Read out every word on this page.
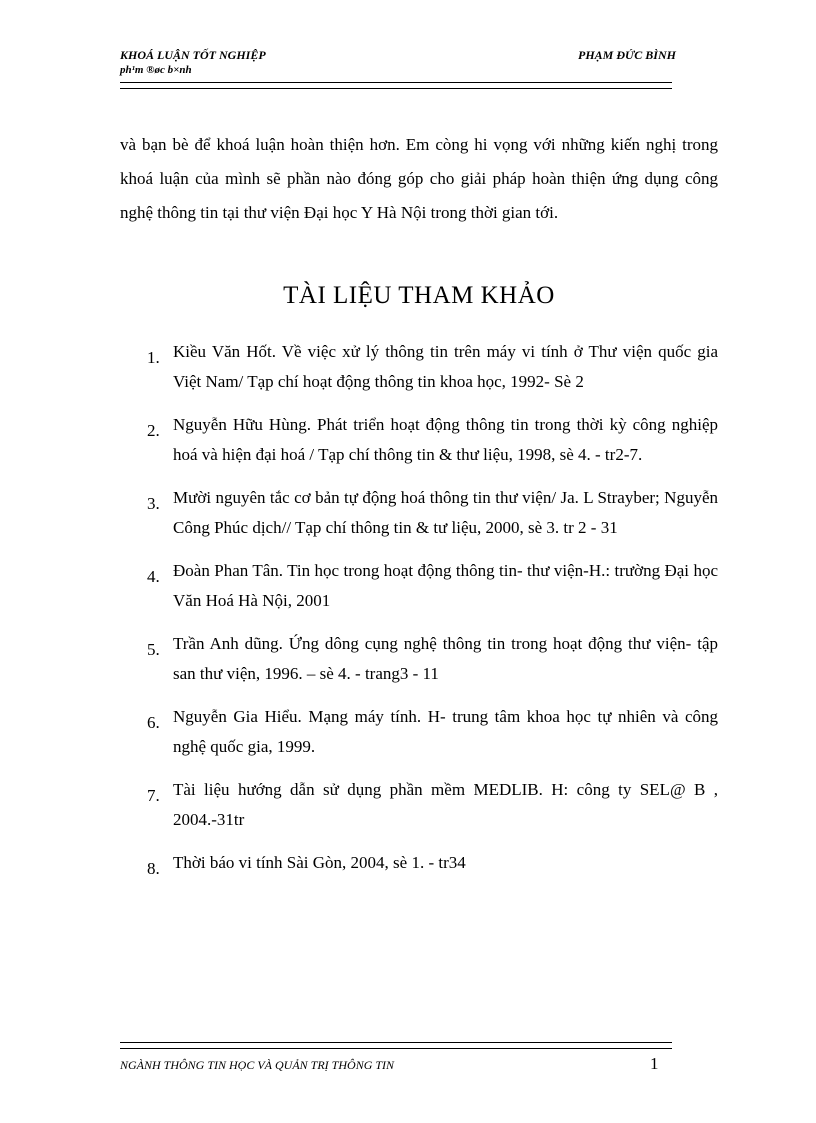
KHOÁ LUẬN TỐT NGHIỆP
ph¹m ®øc b×nh
PHẠM ĐỨC BÌNH

và bạn bè để khoá luận hoàn thiện hơn. Em còng hi vọng với những kiến nghị trong khoá luận của mình sẽ phần nào đóng góp cho giải pháp hoàn thiện ứng dụng công nghệ thông tin tại thư viện Đại học Y Hà Nội trong thời gian tới.

TÀI LIỆU THAM KHẢO
1. Kiều Văn Hốt. Về việc xử lý thông tin trên máy vi tính ở Thư viện quốc gia Việt Nam/ Tạp chí hoạt động thông tin khoa học, 1992- Sè 2
2. Nguyễn Hữu Hùng. Phát triển hoạt động thông tin trong thời kỳ công nghiệp hoá và hiện đại hoá / Tạp chí thông tin & thư liệu, 1998, sè 4. - tr2-7.
3. Mười nguyên tắc cơ bản tự động hoá thông tin thư viện/ Ja. L Strayber; Nguyễn Công Phúc dịch// Tạp chí thông tin & tư liệu, 2000, sè 3. tr 2 - 31
4. Đoàn Phan Tân. Tin học trong hoạt động thông tin- thư viện-H.: trường Đại học Văn Hoá Hà Nội, 2001
5. Trần Anh dũng. Ứng dông cụng nghệ thông tin trong hoạt động thư viện- tập san thư viện, 1996. – sè 4. - trang3 - 11
6. Nguyễn Gia Hiểu. Mạng máy tính. H- trung tâm khoa học tự nhiên và công nghệ quốc gia, 1999.
7. Tài liệu hướng dẫn sử dụng phần mềm MEDLIB. H: công ty SEL@ B , 2004.-31tr
8. Thời báo vi tính Sài Gòn, 2004, sè 1. - tr34
NGÀNH THÔNG TIN HỌC VÀ QUẢN TRỊ THÔNG TIN	1
